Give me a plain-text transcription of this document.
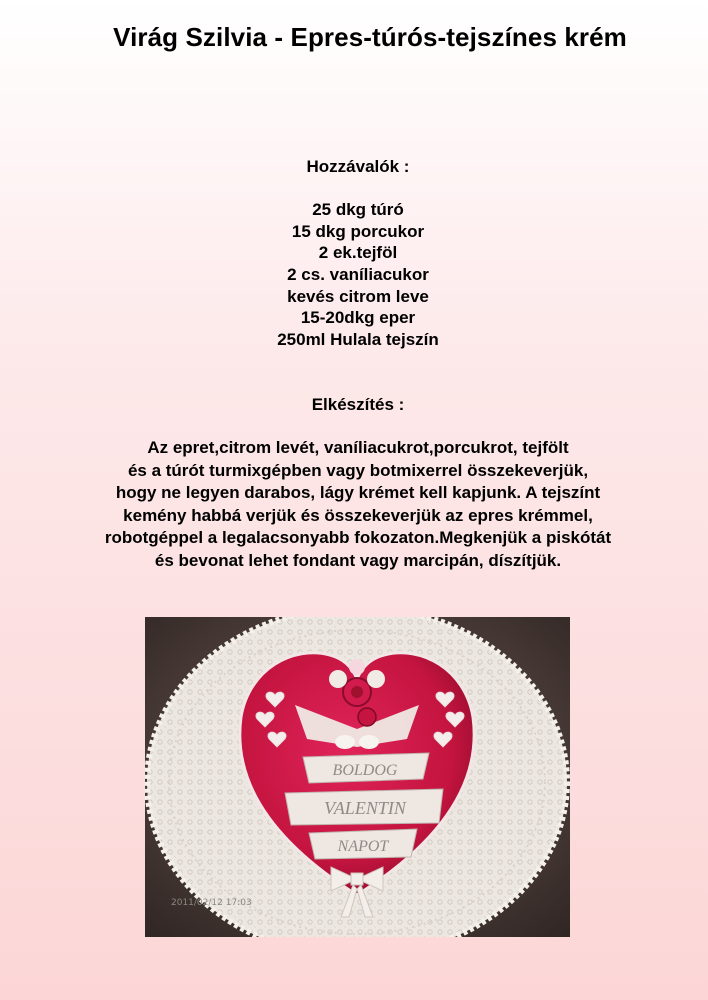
Virág Szilvia - Epres-túrós-tejszínes krém
Hozzávalók :
25 dkg túró
15 dkg porcukor
2 ek.tejföl
2 cs. vaníliacukor
kevés citrom leve
15-20dkg eper
250ml Hulala tejszín
Elkészítés :
Az epret,citrom levét, vaníliacukrot,porcukrot, tejfölt
és a túrót turmixgépben vagy botmixerrel összekeverjük,
hogy ne legyen darabos, lágy krémet kell kapjunk. A tejszínt
kemény habbá verjük és összekeverjük az epres krémmel,
robotgéppel a legalacsonyabb fokozaton.Megkenjük a piskótát
és bevonat lehet fondant vagy marcipán, díszítjük.
BOLDOG
VALENTIN
NAPOT
2011/02/12 17:03
